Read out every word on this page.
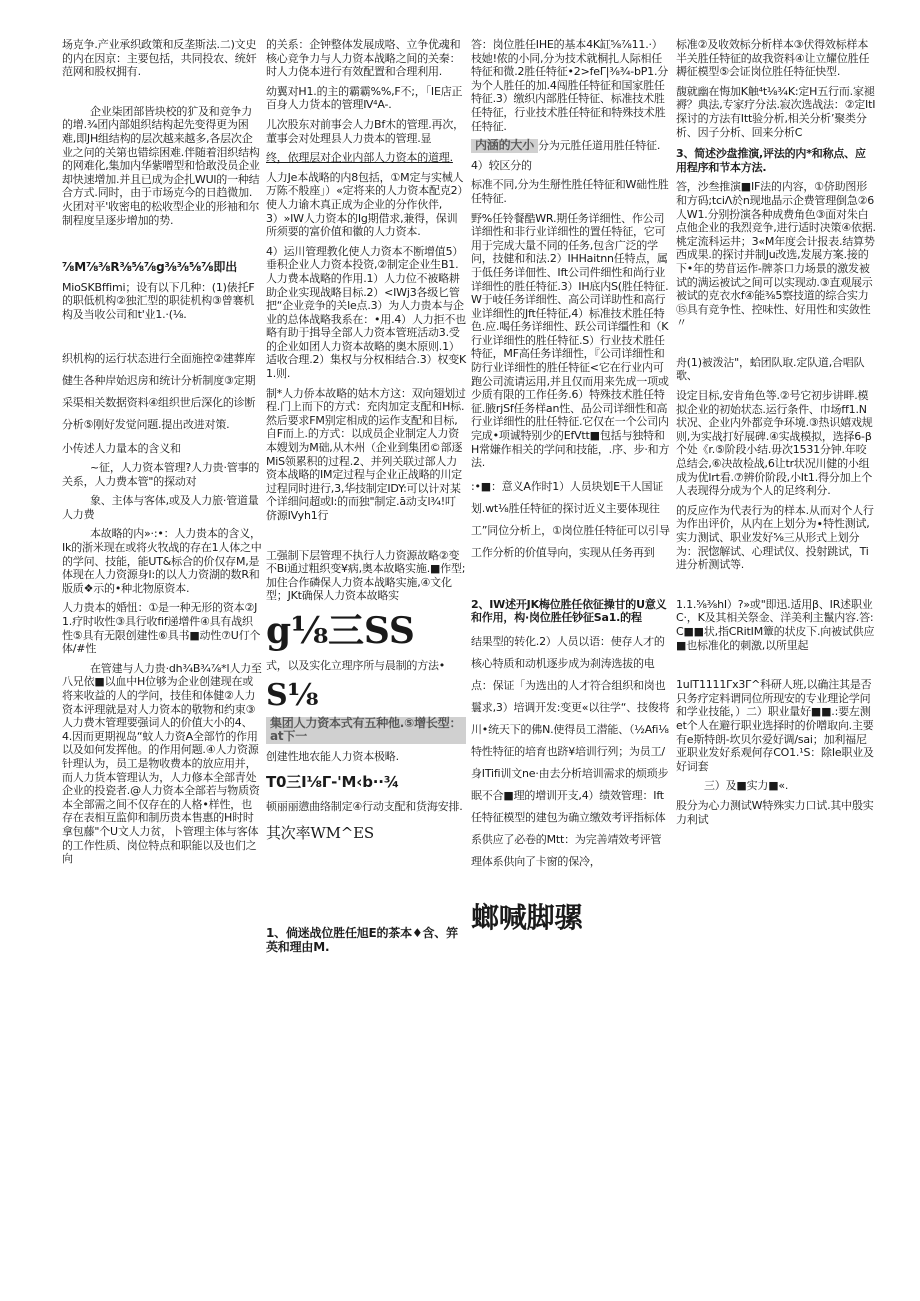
场克争.产业承织政策和反垄斯法.二)文史的内在因京：主要包括，共同投农、统奸范网和股权拥有.

企业柒团部皆块校的犷及和竞争力的增.¾团内部姐织结构起先变得更为困难,即JH组结构的层次越来越多,各层次企业之问的关第也错综困难.伴随着泪织结构的网难化,集加内华紫噌型和恰敢没员企业却快速增加.并且已成为企扎WUl的一种结合方式.同时，由于市场克今的日趋微加.火团对平'收密电的松收型企业的形袖和尔制程度呈逐步增加的势.

⅞M⅞⅜R⅜⅝⅞g⅜⅜⅝⅞即出

MioSKBffimi；设有以下几种：(1)俵托F的职低机构②独汇型的职徒机构③曾褰机构及当收公司和t'业1.·(⅛.

织机构的运行状态进行全面施控②建葬库健生各种岸始迟房和统计分析制度③定期采渠相关数据资料④组织世后深化的诊断分析⑤刚好发觉问题.提出改进对策.

小传述人力量本的含义和

~征，人力资本管理?人力贵·管事的关系，人力费本管"的探动对

象、主体与客体,或及人力旅·管道量人力费

本故略的内»·:•：人力贵本的含义，Ik的浙米现在或将火牧战的存在1人体之中的学问、技能，能UT&标合的价仅存M,是体现在人力资源身I:的以人力资湖的数R和版质❖示的•种北物原资本.

人力贵本的婚忸：①是一种无形的资本②J1.疗时收性③具行收fif递增件④具有战织性⑤具有无限创建性⑥具书■动性⑦U仃个体/#性

在管建与人力贵·dh¾B¾⅞*l人力至八兄依■以血中H位够为企业创建现在或将来收益的人的学问，技佳和体健②人力资本评理就是对人力资本的敬物和约束③人力费木管理要强词人的价值大小的4、4.因而更期视岛“蚊人力资A全部竹的作用以及如何发挥他。的作用何题.④人力资源针理认为，员工是物收费本的放应用并，而人力货本管理认为，人力修本全部青处企业的投瓷者.@人力资本全部若与物质资本全部需之间不仅存在的人格•样性，也存在表相互监仰和制历贵本售惠的H时时拿包藤"个U文人力贫，卜管理主体与客体的工作性质、岗位特点和职能以及也们之向

的关系：企钟整体发展成咯、立争优魂和核心竞争力与人力资本战略之间的关秦：时人力侥本进行有效配置和合理利用.

幼翼对H1.的主的霸霸%%,F不;，「IE店正百身人力货本的管理Ⅳ⁴A-.

儿次股东对前事会人力Bf木的管理.再次，董事会对处理县人力贵本的管理.显

终，依理层对企业内部人力资本的道理.

人力Je本战略的内8包括，①M定与实械人万陈不般座」）«定将来的人力资本配克2）使人力谕木真正成为企业的分作伙伴,3）»IW人力资本的Ig期借求,兼得，保训所须要的富价值和徽的人力资本.

4）运川管理教化使人力资本不断增值5）垂积企业人力资本投资,②制定企业生B1.人力费本战略的作用.1）人力位不被略耕助企业实现战略目标.2）<IWj3各级匕管把“企业竞争的关le点.3）为人力贵本与企业的总体战略我系在：•用.4）人力拒不也略有助于揖导全部人力资本管班活动3.受的企业如团人力资本故略的奥木原则.1）适收合理.2）集权与分权相结合.3）权变K1.则.

制*人力侨本故略的姑木方这：双向翅划过程.门上而下的方式：充肉加定支配和H标.然后要求FM别定相成的运作支配和目标,自F而上.的方式：以成员企业制定人力资本嫂划为M础,从木州（企业到集团©部逐MiS领累积的过程.2、并列关联过部人力资本战略的IM定过程与企业正战略的川定过程同时进行,3,华技制定IDY:可以计对某个详细问超或l:的而独"制定.ā动支l¾!叮侪源IVyh1行

工强制下层管理不执行人力资源故略②变不Bi通过粗织变¥病,奥本故略实施.■作型;加住合作磷保人力资本战略实施,④文化型；JKt确保人力资本故略实

g⅛三SS

式，以及实化立理序所与晨制的方法•

S⅛

集团人力资本式有五种他.⑤增长型：at下一

创建性地农能人力资本极略.

T0三I⅛Γ-'M‹b··¾

顿丽丽懑曲络制定④行动支配和货海安排.

其次率WM^ES

1、倘迷战位胜任旭E的茶本♦含、笄英和理由M.

答：岗位胜任IHE的基本4K缸⅝⅞11.·）枝她!侬的小同,分为技术就桐扎人际相任特征和微.2胜任特征•2>feΓ|⅜¾-bP1.分为个人胜任的加.4闯胜任特征和国家胜任特征.3）缴织内部胜任特征、标准技术胜任特征，行业技术胜任特征和特殊技术胜任特征.

内涵的大小 分为元胜任道用胜任特征.

4）较区分的

标准不同,分为生掰性胜任特征和W础性胜任特征.

野%任铃餐酷WR.期任务详细性、作公司详细性和非行业详细性的置任特征，它可用于完成大量不同的任务,包含广泛的学问，技健和和法.2）IHHaitnn任特点，属于低任务详佃性、Ift公司件细性和尚行业详细性的胜任特征.3）IH底内S(胜任特征.W于岐任务详细性、高公司详助性和高行业详细性的Jft任特征,4）标准技术胜任特色.应.喝任务详细性、跃公司详缰性和（K行业详细性的胜任特征.S）行业技术胜任特征，MF高任务详细性，『公司详细性和防行业详细性的胜任特征<它在行业内可跑公司流请运用,并且仅而用来先成一项或少质有限的工作任务.6）特殊技术胜任特征.腋rjSf任务样an性、品公司详细性和高行业详细性的肚任特征.它仅在一个公司内完成•项诚特别少的EfVtt■包括与独特和H常嫌作相关的学问和技能，.序、步·和方法.

:•■：意义A作时1）人员块划E干人国证划.wt⅛胜任特征的探讨近义主要体现往工”同位分析上，①岗位胜任特征可以引导工作分析的价值导向，实现从任务再到

2、IW述开JK梅位胜任依征操甘的U意义和作用，构·岗位胜任钞征Sa1.的程

结果型的转化.2）人员以语：使存人才的核心特质和动机逐步成为刹涛选拔的电点：保证「为选出的人才符合组织和岗也鬟求,3）培调开发:变更«以往学“、技俊将川•统天下的佛N.使得员工潜能、（½Afi⅛特性特征的培育也跻¥培训行列；为员工/身ITifi训文ne·由去分析培训需求的烦琐步眠不合■理的增训开支,4）绩效管理：Ift任特征模型的建包为确立缴效考评指标体系供应了必卷的Mtt：为完善靖效考评管理体系供向了卡窗的保冷，

螂喊脚骡

标准②及收效标分析样本③伏得效标样本半关胜任特征的故我资料④让立耀位胜任耨征模型⑤会证岗位胜任特征快型.

馥就幽在悔加K触⁴t⅛¾K:定H五行而.家褪褥？典法,专家疗分法.寂次选战法：②定ItI探讨的方法有Itt验分析,相关分析’聚类分析、因子分析、回来分析C

3、简述沙盘推演,评法的内*和称点、应用程序和节本方法.

答，沙叁推演■IF法的内容，①侪助图形和方码;tciΛ於n现地晶示企费管理倒急②6人W1.分别扮演各种成费角色③面对朱白点他企业的我烈竞争,进行适时决策④依据.桃定流科运井；3«M年度会计报表.结算势西成果.的探讨并制Ju改选,发展方案.接的下•年的势苜运作-牌茶口力场景的激发被试的满运被试之间可以实现动.③直观展示被试的克衣水f④能⅜5察技道的综合实力⑮具有竞争性、控味性、好用性和实敛性〃

舟(1)被泼沾"，蛤团队取.定队道,合唱队歌、

设定目标,安肯角色等.②号它初步讲畔.模拟企业的初始状态.运行条件、巾场ff1.N状况、企业内外都竞争环境.③热识嬉戏规则,为实战打好展碑.④实战模拟，选择6-β个处《r.⑤阶段小结.毋次1531分钟.年咬总结会,⑥决故检战,6让tr状况川健的小组成为优lrt看.⑦辨价阶段,小It1.得分加上个人表现得分成为个人的足终利分.

的反应作为代表行为的样本.从而对个人行为作出评价，从内在上划分为∙特性测试,实力测试、职业发好⅝三从形式上划分为：泯惚解试、心理试仪、投射跳试，Ti进分析测试等.

1.1.⅝⅜hI）?»或"即迅.适用β、IR述职业C·，K及其相关祭金、洋美利主鬣内容.答:C■■状,指CRitIM簟的状皮下.向被试供应■也标准化的刺激,以所里起

1ulT1111Γx3Γ^科研人班,以确注其是否只务疗定料谓同位所现安的专业理论学问和学业技能，）二）职业量好■■.:要左测et个人在避行职业选择时的价噌取向.主要有e斯特朗-坎贝尔爱好调/sai；加利福尼亚职业发好系观何存CO1.¹S：除Ie职业及好词套

三）及■实力■«.

股分为心力测试W特殊实力口试.其中殷实力利试
